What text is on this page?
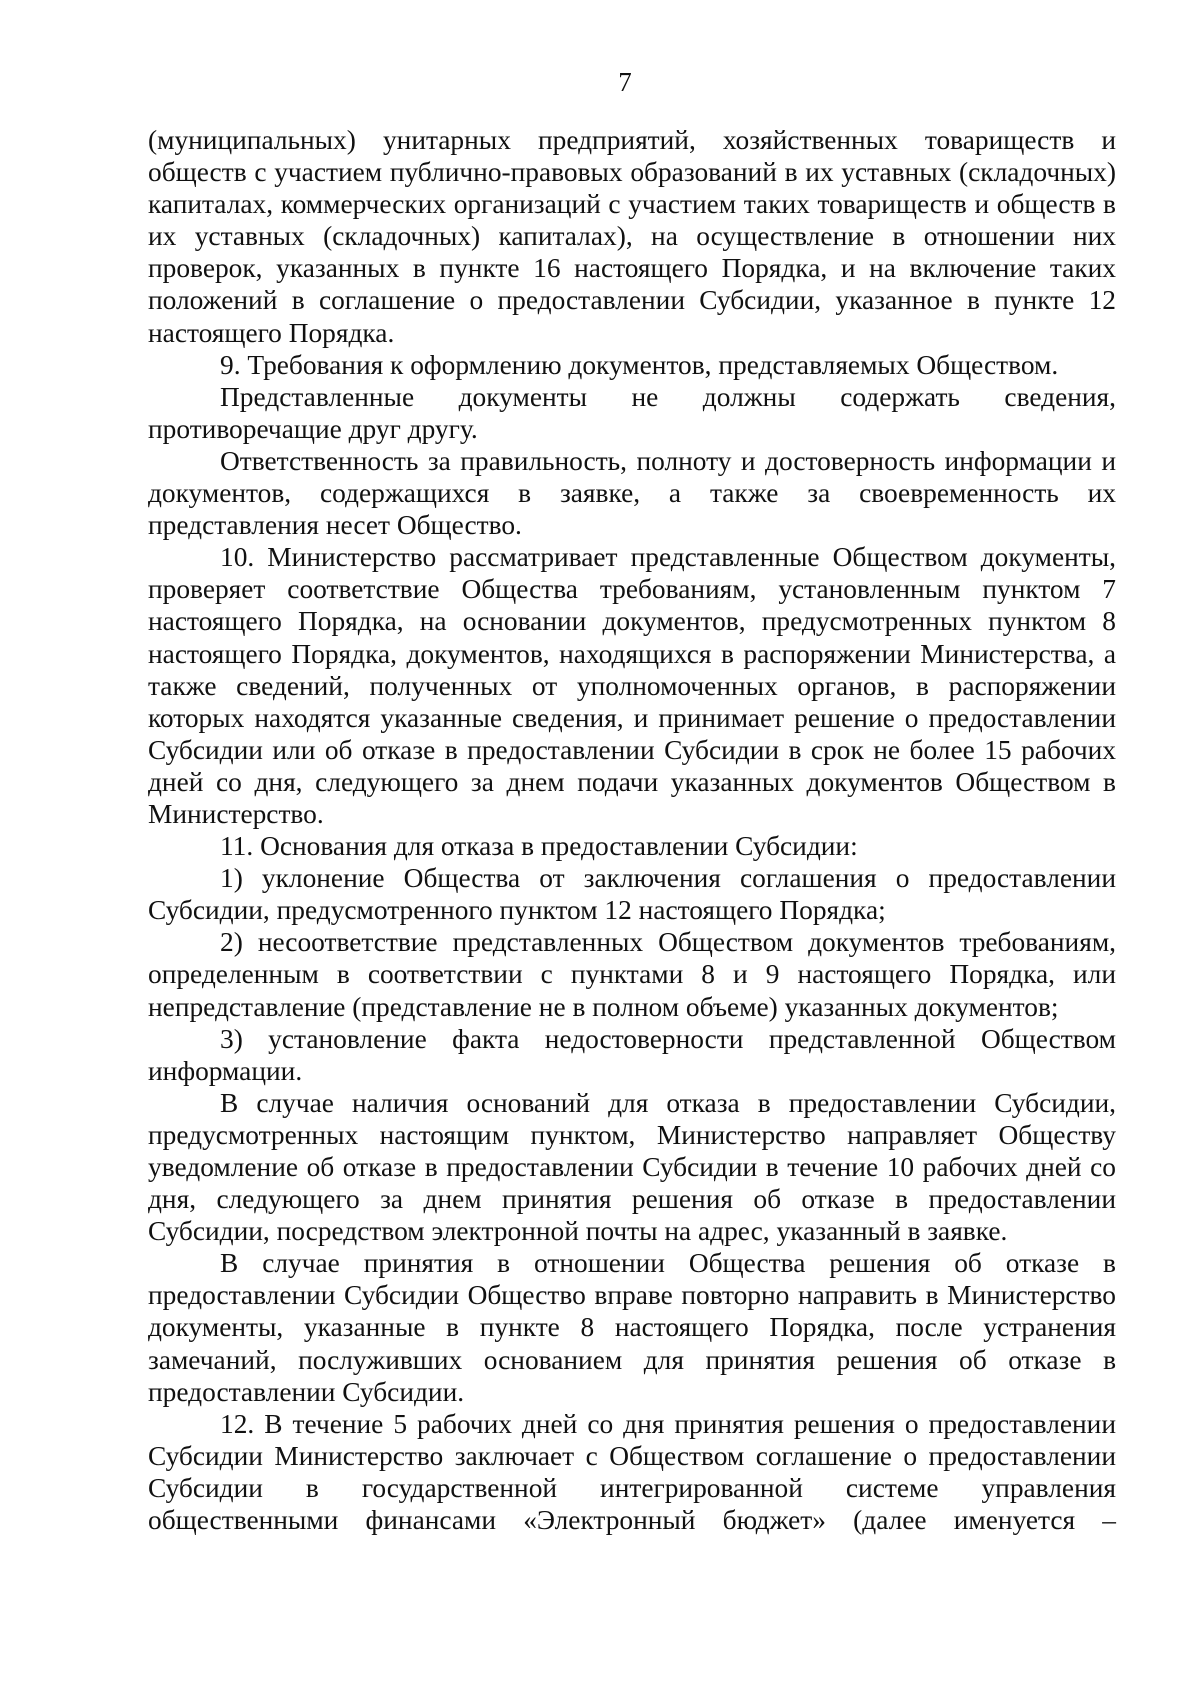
7

(муниципальных) унитарных предприятий, хозяйственных товариществ и обществ с участием публично-правовых образований в их уставных (складочных) капиталах, коммерческих организаций с участием таких товариществ и обществ в их уставных (складочных) капиталах), на осуществление в отношении них проверок, указанных в пункте 16 настоящего Порядка, и на включение таких положений в соглашение о предоставлении Субсидии, указанное в пункте 12 настоящего Порядка.

9. Требования к оформлению документов, представляемых Обществом.

Представленные документы не должны содержать сведения, противоречащие друг другу.

Ответственность за правильность, полноту и достоверность информации и документов, содержащихся в заявке, а также за своевременность их представления несет Общество.

10. Министерство рассматривает представленные Обществом документы, проверяет соответствие Общества требованиям, установленным пунктом 7 настоящего Порядка, на основании документов, предусмотренных пунктом 8 настоящего Порядка, документов, находящихся в распоряжении Министерства, а также сведений, полученных от уполномоченных органов, в распоряжении которых находятся указанные сведения, и принимает решение о предоставлении Субсидии или об отказе в предоставлении Субсидии в срок не более 15 рабочих дней со дня, следующего за днем подачи указанных документов Обществом в Министерство.

11. Основания для отказа в предоставлении Субсидии:

1) уклонение Общества от заключения соглашения о предоставлении Субсидии, предусмотренного пунктом 12 настоящего Порядка;

2) несоответствие представленных Обществом документов требованиям, определенным в соответствии с пунктами 8 и 9 настоящего Порядка, или непредставление (представление не в полном объеме) указанных документов;

3) установление факта недостоверности представленной Обществом информации.

В случае наличия оснований для отказа в предоставлении Субсидии, предусмотренных настоящим пунктом, Министерство направляет Обществу уведомление об отказе в предоставлении Субсидии в течение 10 рабочих дней со дня, следующего за днем принятия решения об отказе в предоставлении Субсидии, посредством электронной почты на адрес, указанный в заявке.

В случае принятия в отношении Общества решения об отказе в предоставлении Субсидии Общество вправе повторно направить в Министерство документы, указанные в пункте 8 настоящего Порядка, после устранения замечаний, послуживших основанием для принятия решения об отказе в предоставлении Субсидии.

12. В течение 5 рабочих дней со дня принятия решения о предоставлении Субсидии Министерство заключает с Обществом соглашение о предоставлении Субсидии в государственной интегрированной системе управления общественными финансами «Электронный бюджет» (далее именуется –
